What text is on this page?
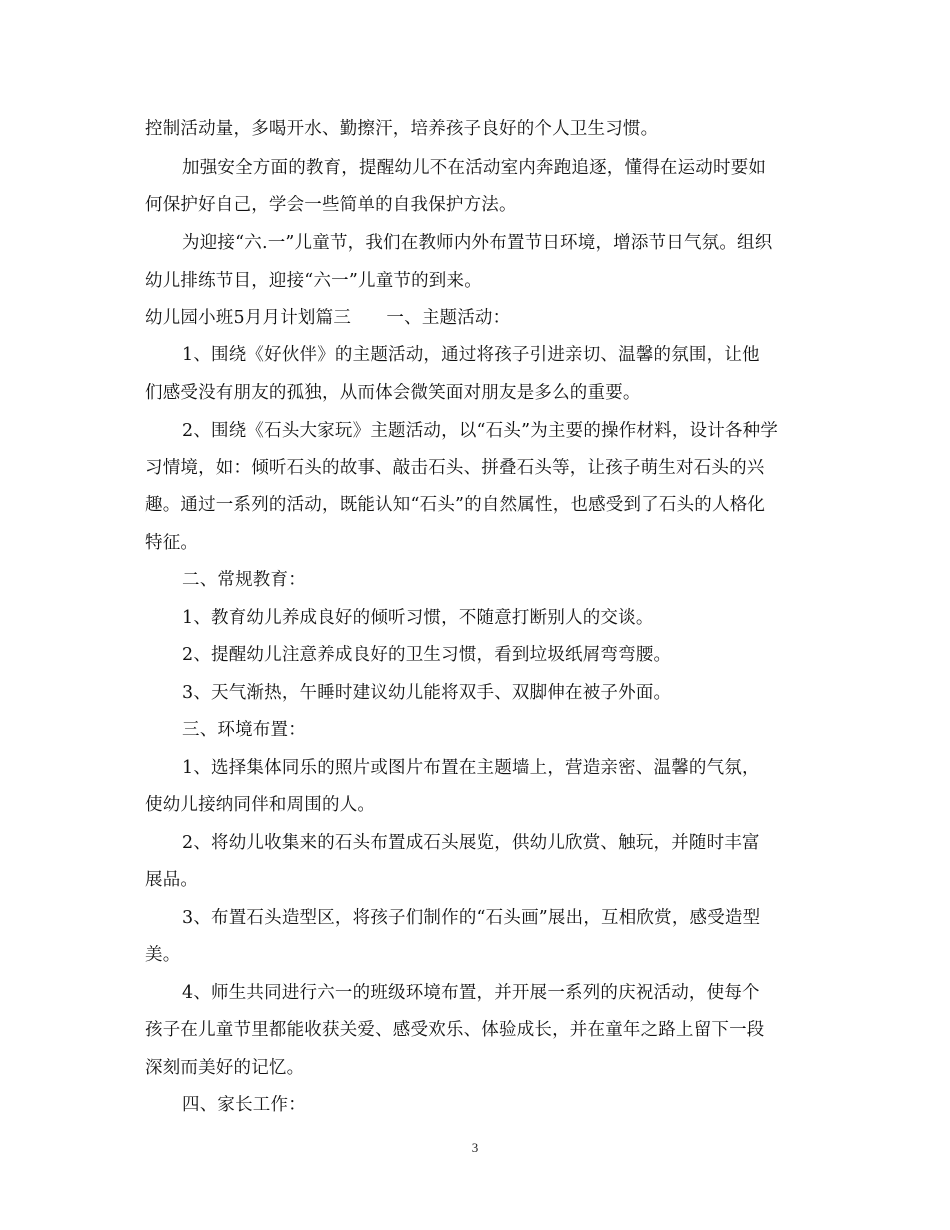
控制活动量，多喝开水、勤擦汗，培养孩子良好的个人卫生习惯。
加强安全方面的教育，提醒幼儿不在活动室内奔跑追逐，懂得在运动时要如
何保护好自己，学会一些简单的自我保护方法。
为迎接“六.一”儿童节，我们在教师内外布置节日环境，增添节日气氛。组织
幼儿排练节目，迎接“六一”儿童节的到来。
幼儿园小班5月月计划篇三　　一、主题活动：
1、围绕《好伙伴》的主题活动，通过将孩子引进亲切、温馨的氛围，让他
们感受没有朋友的孤独，从而体会微笑面对朋友是多么的重要。
2、围绕《石头大家玩》主题活动，以“石头”为主要的操作材料，设计各种学
习情境，如：倾听石头的故事、敲击石头、拼叠石头等，让孩子萌生对石头的兴
趣。通过一系列的活动，既能认知“石头”的自然属性，也感受到了石头的人格化
特征。
二、常规教育：
1、教育幼儿养成良好的倾听习惯，不随意打断别人的交谈。
2、提醒幼儿注意养成良好的卫生习惯，看到垃圾纸屑弯弯腰。
3、天气渐热，午睡时建议幼儿能将双手、双脚伸在被子外面。
三、环境布置：
1、选择集体同乐的照片或图片布置在主题墙上，营造亲密、温馨的气氛，
使幼儿接纳同伴和周围的人。
2、将幼儿收集来的石头布置成石头展览，供幼儿欣赏、触玩，并随时丰富
展品。
3、布置石头造型区，将孩子们制作的“石头画”展出，互相欣赏，感受造型
美。
4、师生共同进行六一的班级环境布置，并开展一系列的庆祝活动，使每个
孩子在儿童节里都能收获关爱、感受欢乐、体验成长，并在童年之路上留下一段
深刻而美好的记忆。
四、家长工作：
3
